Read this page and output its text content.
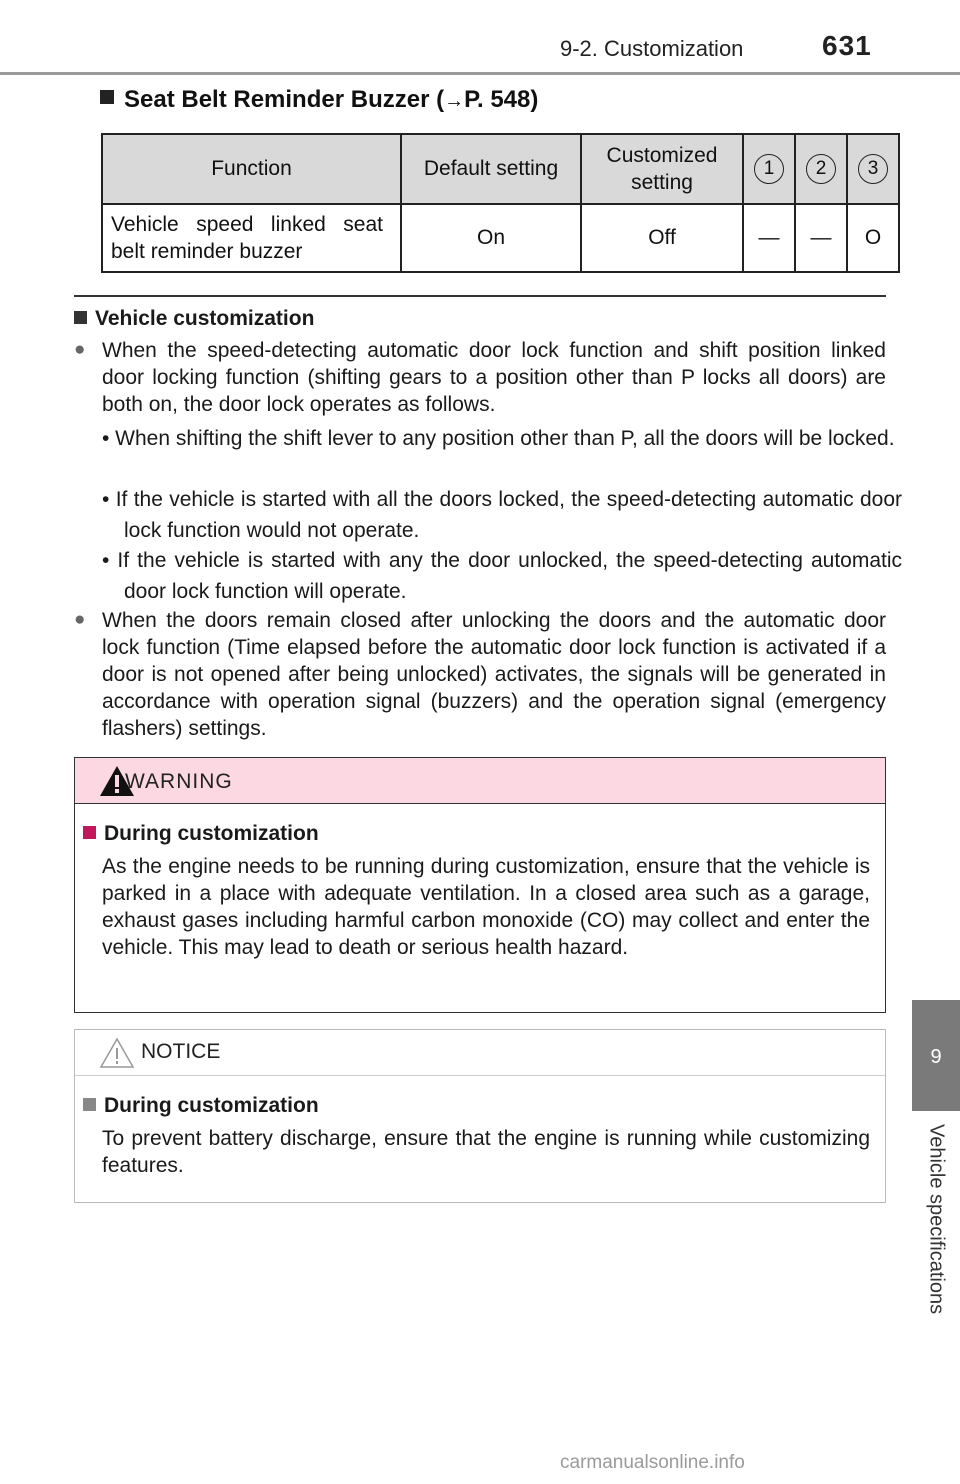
9-2. Customization	631
9
Vehicle specifications
Seat Belt Reminder Buzzer (→P. 548)
Function	Default setting	Customized setting	1	2	3

Vehicle speed linked seat belt reminder buzzer	On	Off	—	—	O
Vehicle customization
● When the speed-detecting automatic door lock function and shift position linked door locking function (shifting gears to a position other than P locks all doors) are both on, the door lock operates as follows.
• When shifting the shift lever to any position other than P, all the doors will be locked.
• If the vehicle is started with all the doors locked, the speed-detecting automatic door lock function would not operate.
• If the vehicle is started with any the door unlocked, the speed-detecting automatic door lock function will operate.
● When the doors remain closed after unlocking the doors and the automatic door lock function (Time elapsed before the automatic door lock function is activated if a door is not opened after being unlocked) activates, the signals will be generated in accordance with operation signal (buzzers) and the operation signal (emergency flashers) settings.
WARNING
During customization
As the engine needs to be running during customization, ensure that the vehicle is parked in a place with adequate ventilation. In a closed area such as a garage, exhaust gases including harmful carbon monoxide (CO) may collect and enter the vehicle. This may lead to death or serious health hazard.
NOTICE
During customization
To prevent battery discharge, ensure that the engine is running while customizing features.
carmanualsonline.info
